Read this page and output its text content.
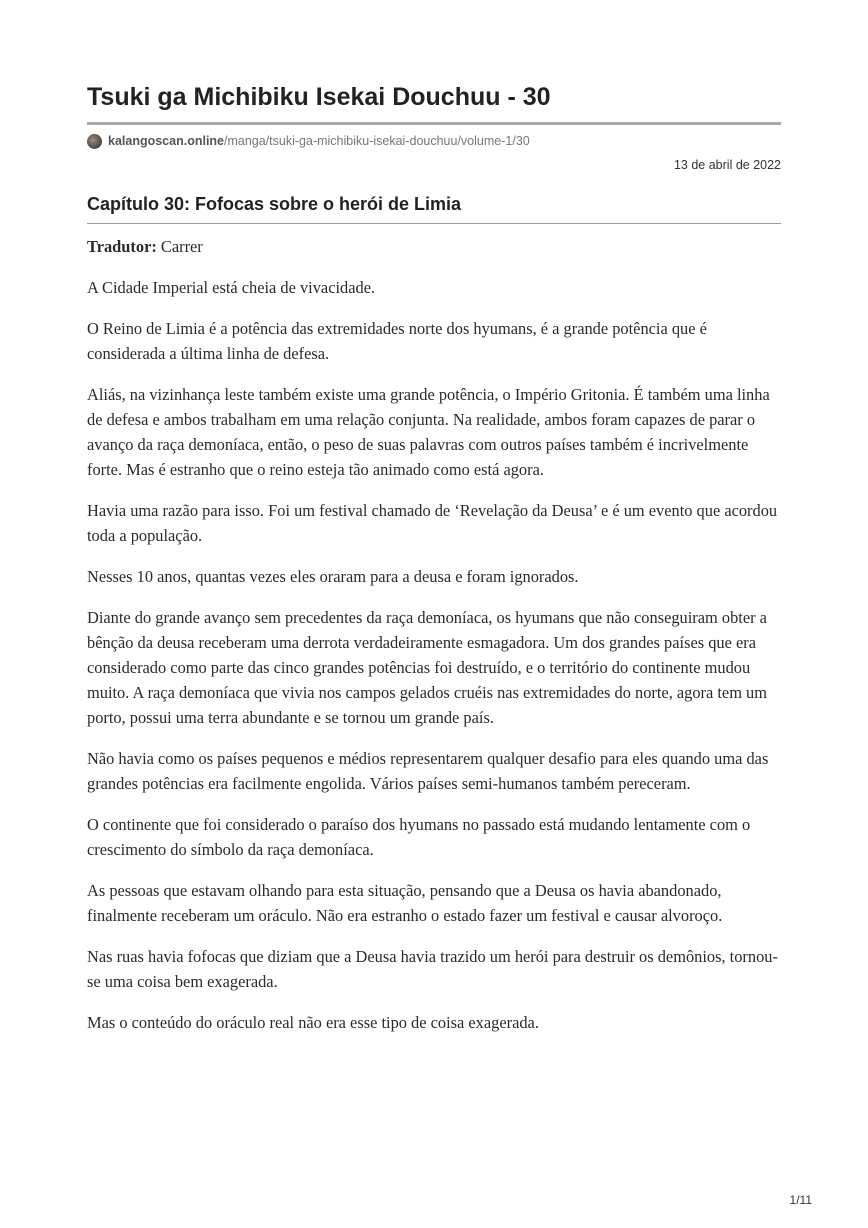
Tsuki ga Michibiku Isekai Douchuu - 30
kalangoscan.online/manga/tsuki-ga-michibiku-isekai-douchuu/volume-1/30
13 de abril de 2022
Capítulo 30: Fofocas sobre o herói de Limia

Tradutor: Carrer

A Cidade Imperial está cheia de vivacidade.

O Reino de Limia é a potência das extremidades norte dos hyumans, é a grande potência que é considerada a última linha de defesa.

Aliás, na vizinhança leste também existe uma grande potência, o Império Gritonia. É também uma linha de defesa e ambos trabalham em uma relação conjunta. Na realidade, ambos foram capazes de parar o avanço da raça demoníaca, então, o peso de suas palavras com outros países também é incrivelmente forte. Mas é estranho que o reino esteja tão animado como está agora.

Havia uma razão para isso. Foi um festival chamado de ‘Revelação da Deusa’ e é um evento que acordou toda a população.

Nesses 10 anos, quantas vezes eles oraram para a deusa e foram ignorados.

Diante do grande avanço sem precedentes da raça demoníaca, os hyumans que não conseguiram obter a bênção da deusa receberam uma derrota verdadeiramente esmagadora. Um dos grandes países que era considerado como parte das cinco grandes potências foi destruído, e o território do continente mudou muito. A raça demoníaca que vivia nos campos gelados cruéis nas extremidades do norte, agora tem um porto, possui uma terra abundante e se tornou um grande país.

Não havia como os países pequenos e médios representarem qualquer desafio para eles quando uma das grandes potências era facilmente engolida. Vários países semi-humanos também pereceram.

O continente que foi considerado o paraíso dos hyumans no passado está mudando lentamente com o crescimento do símbolo da raça demoníaca.

As pessoas que estavam olhando para esta situação, pensando que a Deusa os havia abandonado, finalmente receberam um oráculo. Não era estranho o estado fazer um festival e causar alvoroço.

Nas ruas havia fofocas que diziam que a Deusa havia trazido um herói para destruir os demônios, tornou-se uma coisa bem exagerada.

Mas o conteúdo do oráculo real não era esse tipo de coisa exagerada.

1/11
